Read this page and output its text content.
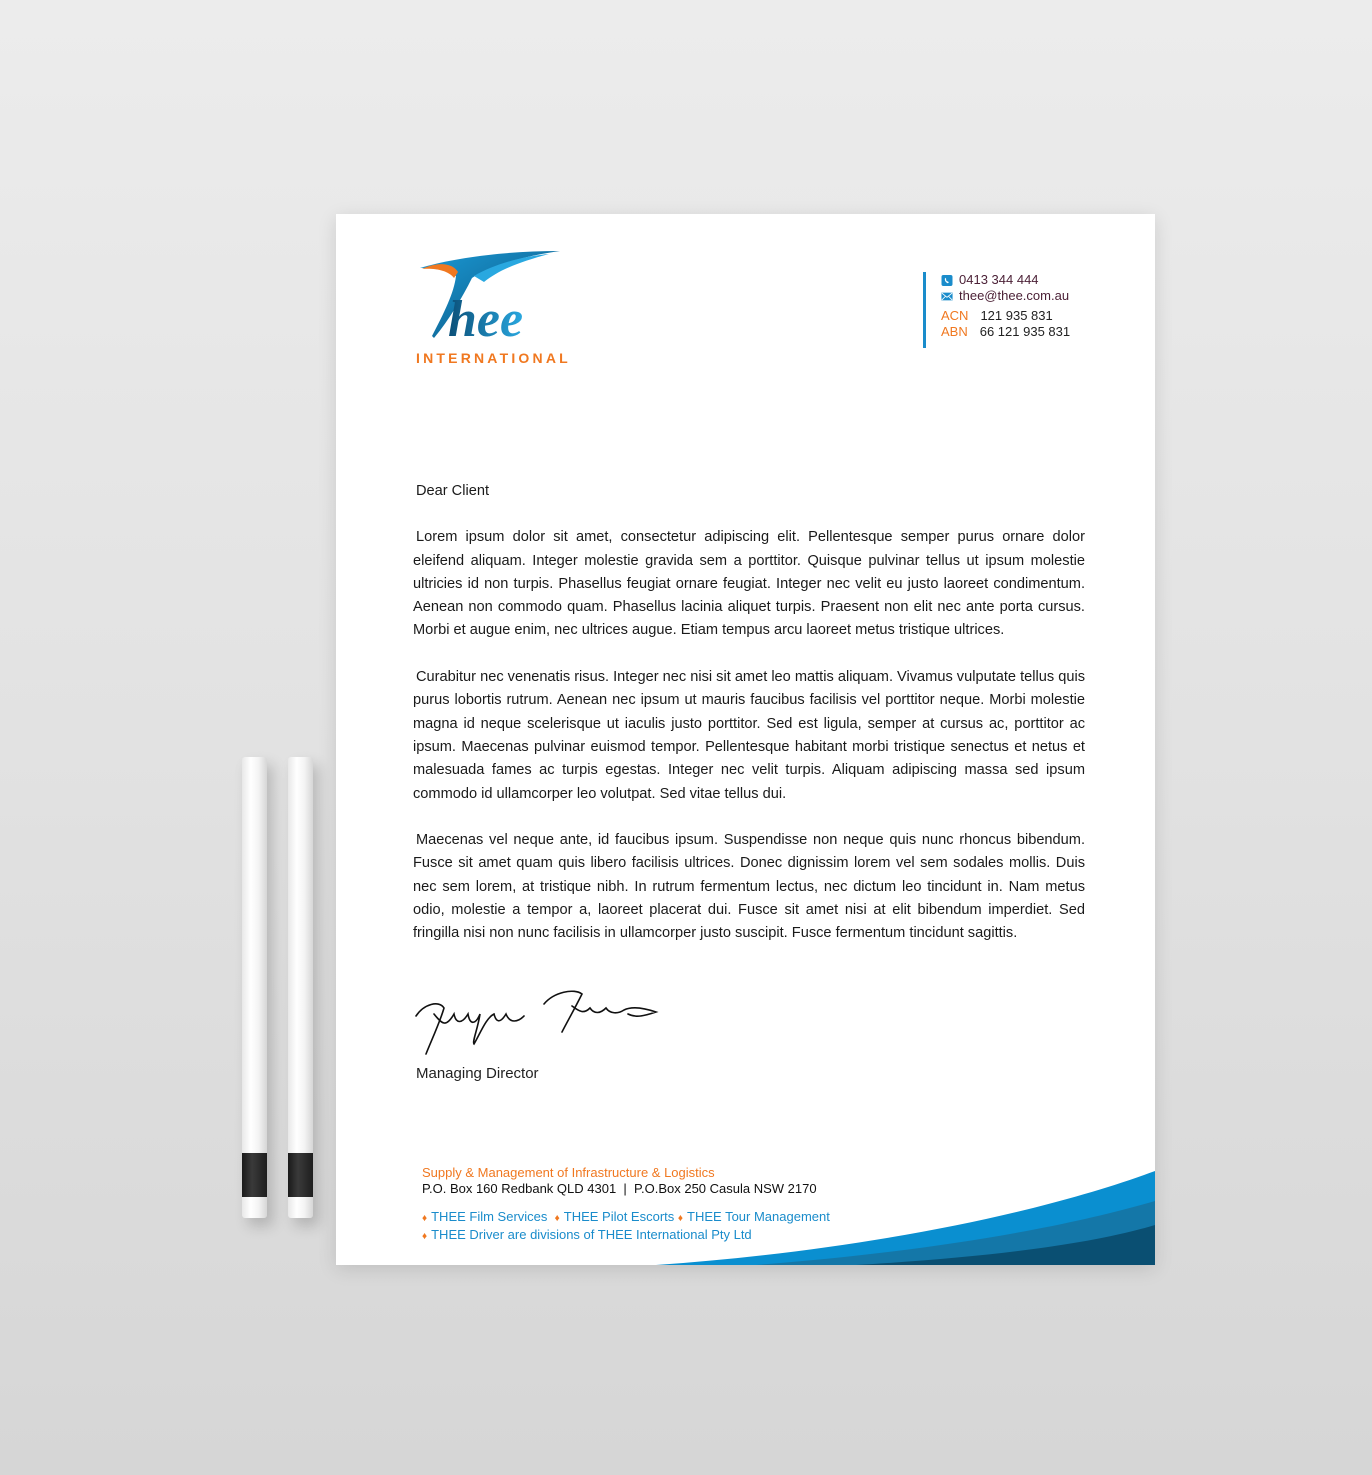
hee
INTERNATIONAL
0413 344 444
thee@thee.com.au
ACN 121 935 831
ABN 66 121 935 831
Dear Client

Lorem ipsum dolor sit amet, consectetur adipiscing elit. Pellentesque semper purus ornare dolor eleifend aliquam. Integer molestie gravida sem a porttitor. Quisque pulvinar tellus ut ipsum molestie ultricies id non turpis. Phasellus feugiat ornare feugiat. Integer nec velit eu justo laoreet condimentum. Aenean non commodo quam. Phasellus lacinia aliquet turpis. Praesent non elit nec ante porta cursus. Morbi et augue enim, nec ultrices augue. Etiam tempus arcu laoreet metus tristique ultrices.

Curabitur nec venenatis risus. Integer nec nisi sit amet leo mattis aliquam. Vivamus vulputate tellus quis purus lobortis rutrum. Aenean nec ipsum ut mauris faucibus facilisis vel porttitor neque. Morbi molestie magna id neque scelerisque ut iaculis justo porttitor. Sed est ligula, semper at cursus ac, porttitor ac ipsum. Maecenas pulvinar euismod tempor. Pellentesque habitant morbi tristique senectus et netus et malesuada fames ac turpis egestas. Integer nec velit turpis. Aliquam adipiscing massa sed ipsum commodo id ullamcorper leo volutpat. Sed vitae tellus dui.

Maecenas vel neque ante, id faucibus ipsum. Suspendisse non neque quis nunc rhoncus bibendum. Fusce sit amet quam quis libero facilisis ultrices. Donec dignissim lorem vel sem sodales mollis. Duis nec sem lorem, at tristique nibh. In rutrum fermentum lectus, nec dictum leo tincidunt in. Nam metus odio, molestie a tempor a, laoreet placerat dui. Fusce sit amet nisi at elit bibendum imperdiet. Sed fringilla nisi non nunc facilisis in ullamcorper justo suscipit. Fusce fermentum tincidunt sagittis.

Managing Director
Supply & Management of Infrastructure & Logistics
P.O. Box 160 Redbank QLD 4301  |  P.O.Box 250 Casula NSW 2170
♦ THEE Film Services ♦ THEE Pilot Escorts ♦ THEE Tour Management
♦ THEE Driver are divisions of THEE International Pty Ltd
